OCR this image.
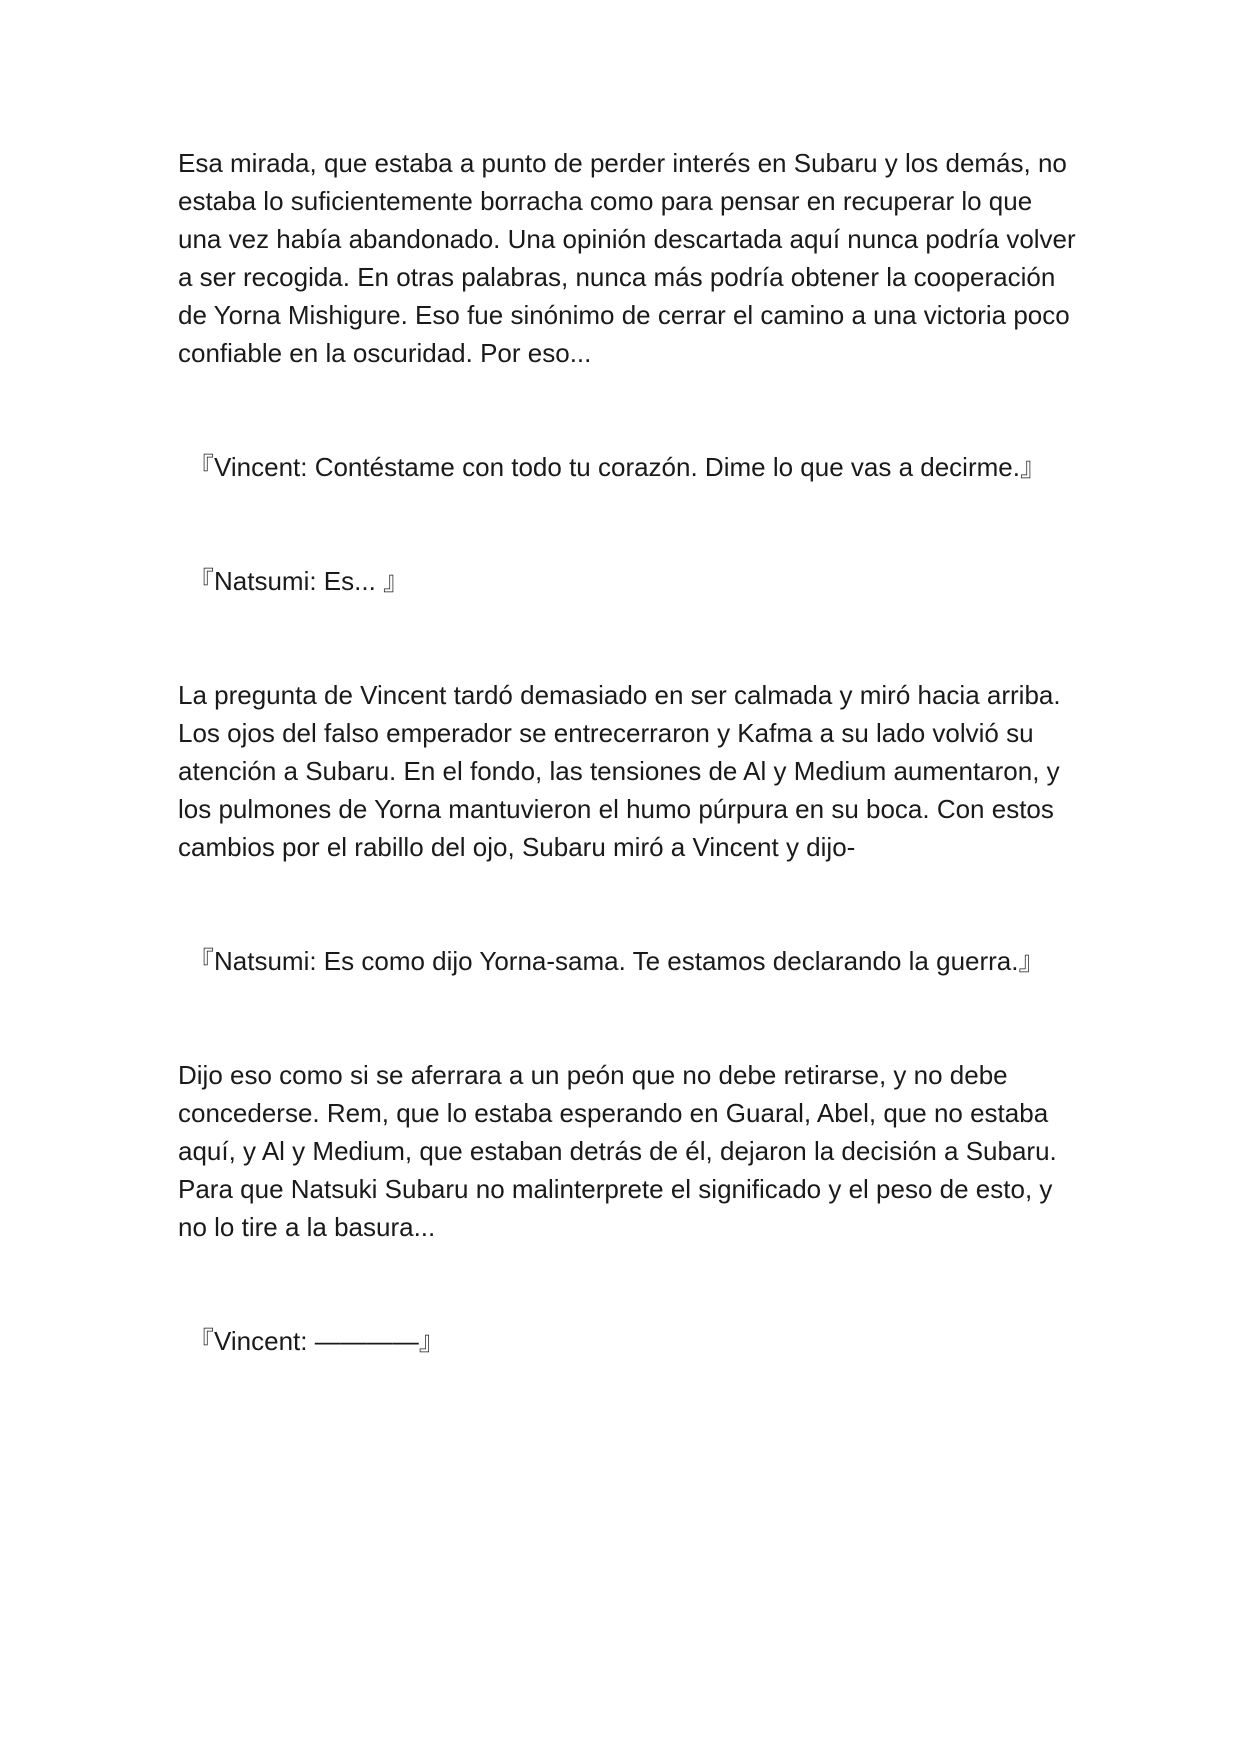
Esa mirada, que estaba a punto de perder interés en Subaru y los demás, no estaba lo suficientemente borracha como para pensar en recuperar lo que una vez había abandonado. Una opinión descartada aquí nunca podría volver a ser recogida. En otras palabras, nunca más podría obtener la cooperación de Yorna Mishigure. Eso fue sinónimo de cerrar el camino a una victoria poco confiable en la oscuridad. Por eso...

『Vincent: Contéstame con todo tu corazón. Dime lo que vas a decirme.』

『Natsumi: Es... 』

La pregunta de Vincent tardó demasiado en ser calmada y miró hacia arriba. Los ojos del falso emperador se entrecerraron y Kafma a su lado volvió su atención a Subaru. En el fondo, las tensiones de Al y Medium aumentaron, y los pulmones de Yorna mantuvieron el humo púrpura en su boca. Con estos cambios por el rabillo del ojo, Subaru miró a Vincent y dijo-

『Natsumi: Es como dijo Yorna-sama. Te estamos declarando la guerra.』

Dijo eso como si se aferrara a un peón que no debe retirarse, y no debe concederse. Rem, que lo estaba esperando en Guaral, Abel, que no estaba aquí, y Al y Medium, que estaban detrás de él, dejaron la decisión a Subaru. Para que Natsuki Subaru no malinterprete el significado y el peso de esto, y no lo tire a la basura...

『Vincent: ————』
